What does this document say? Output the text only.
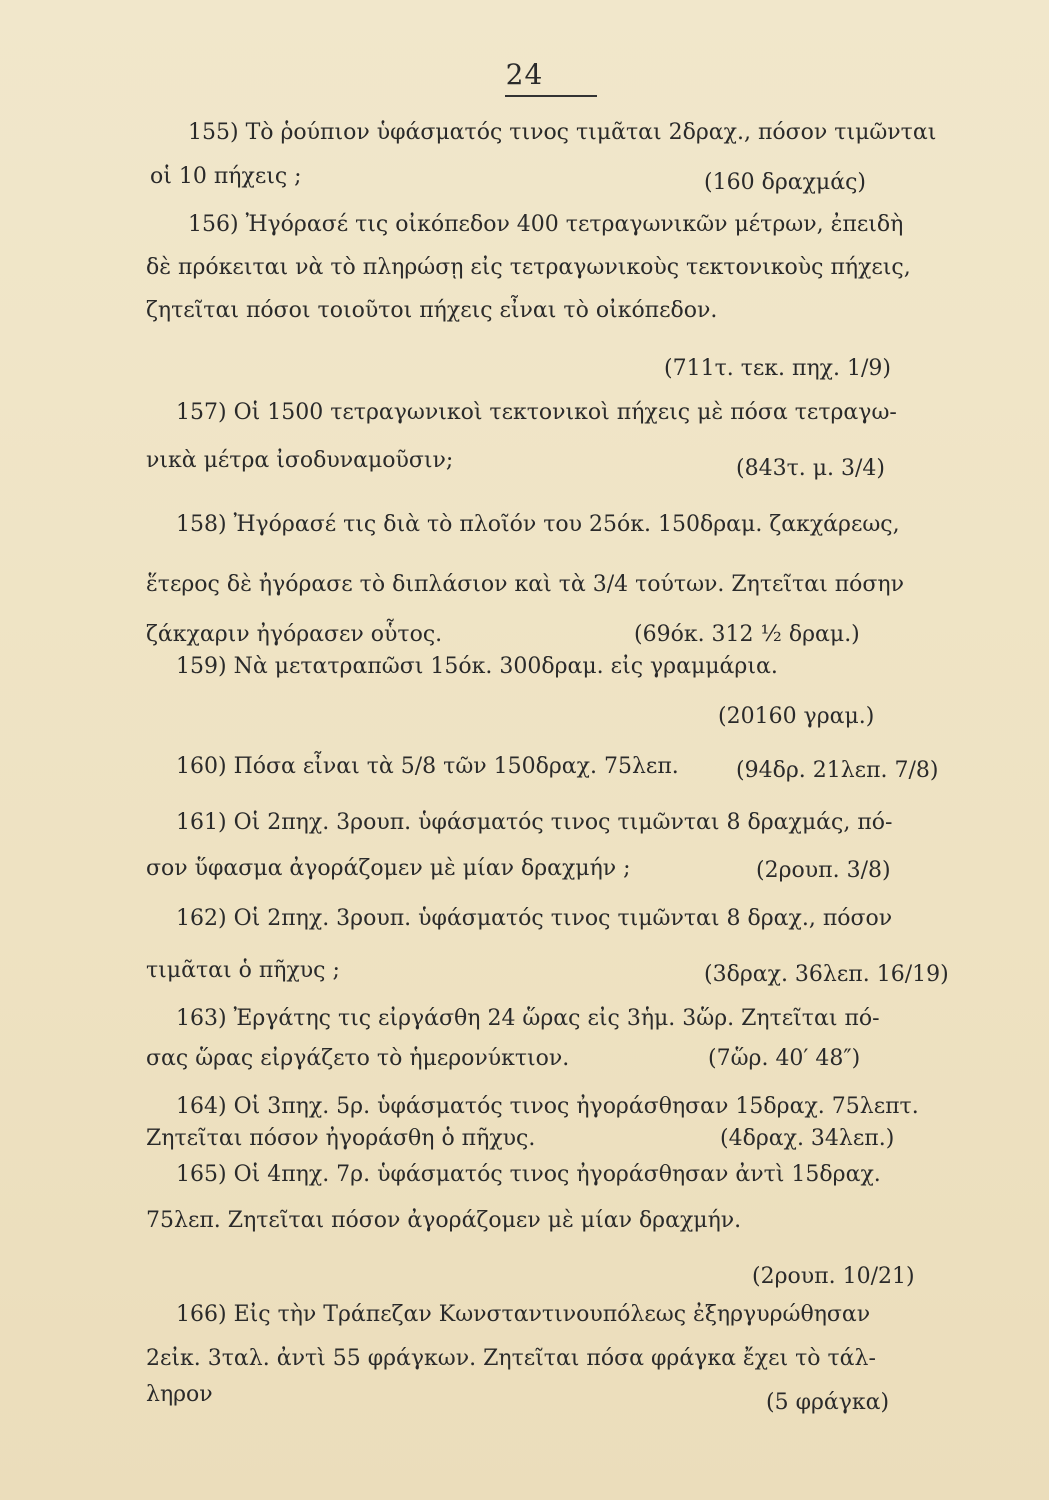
24
155) Τὸ ῥούπιον ὑφάσματός τινος τιμᾶται 2δραχ., πόσον τιμῶνται
οἱ 10 πήχεις ;	(160 δραχμάς)
156) Ἠγόρασέ τις οἰκόπεδον 400 τετραγωνικῶν μέτρων, ἐπειδὴ
δὲ πρόκειται νὰ τὸ πληρώσῃ εἰς τετραγωνικοὺς τεκτονικοὺς πήχεις,
ζητεῖται πόσοι τοιοῦτοι πήχεις εἶναι τὸ οἰκόπεδον.
(711τ. τεκ. πηχ. 1/9)
157) Οἱ 1500 τετραγωνικοὶ τεκτονικοὶ πήχεις μὲ πόσα τετραγω-
νικὰ μέτρα ἰσοδυναμοῦσιν;	(843τ. μ. 3/4)
158) Ἠγόρασέ τις διὰ τὸ πλοῖόν του 25όκ. 150δραμ. ζακχάρεως,
ἕτερος δὲ ἠγόρασε τὸ διπλάσιον καὶ τὰ 3/4 τούτων. Ζητεῖται πόσην
ζάκχαριν ἠγόρασεν οὗτος.	(69όκ. 312 ½ δραμ.)
159) Νὰ μετατραπῶσι 15όκ. 300δραμ. εἰς γραμμάρια.
(20160 γραμ.)
160) Πόσα εἶναι τὰ 5/8 τῶν 150δραχ. 75λεπ.	(94δρ. 21λεπ. 7/8)
161) Οἱ 2πηχ. 3ρουπ. ὑφάσματός τινος τιμῶνται 8 δραχμάς, πό-
σον ὕφασμα ἀγοράζομεν μὲ μίαν δραχμήν ;	(2ρουπ. 3/8)
162) Οἱ 2πηχ. 3ρουπ. ὑφάσματός τινος τιμῶνται 8 δραχ., πόσον
τιμᾶται ὁ πῆχυς ;	(3δραχ. 36λεπ. 16/19)
163) Ἐργάτης τις εἰργάσθη 24 ὥρας εἰς 3ἡμ. 3ὥρ. Ζητεῖται πό-
σας ὥρας εἰργάζετο τὸ ἡμερονύκτιον.	(7ὥρ. 40′ 48″)
164) Οἱ 3πηχ. 5ρ. ὑφάσματός τινος ἠγοράσθησαν 15δραχ. 75λεπτ.
Ζητεῖται πόσον ἠγοράσθη ὁ πῆχυς.	(4δραχ. 34λεπ.)
165) Οἱ 4πηχ. 7ρ. ὑφάσματός τινος ἠγοράσθησαν ἀντὶ 15δραχ.
75λεπ. Ζητεῖται πόσον ἀγοράζομεν μὲ μίαν δραχμήν.
(2ρουπ. 10/21)
166) Εἰς τὴν Τράπεζαν Κωνσταντινουπόλεως ἐξηργυρώθησαν
2εἰκ. 3ταλ. ἀντὶ 55 φράγκων. Ζητεῖται πόσα φράγκα ἔχει τὸ τάλ-
ληρον	(5 φράγκα)
